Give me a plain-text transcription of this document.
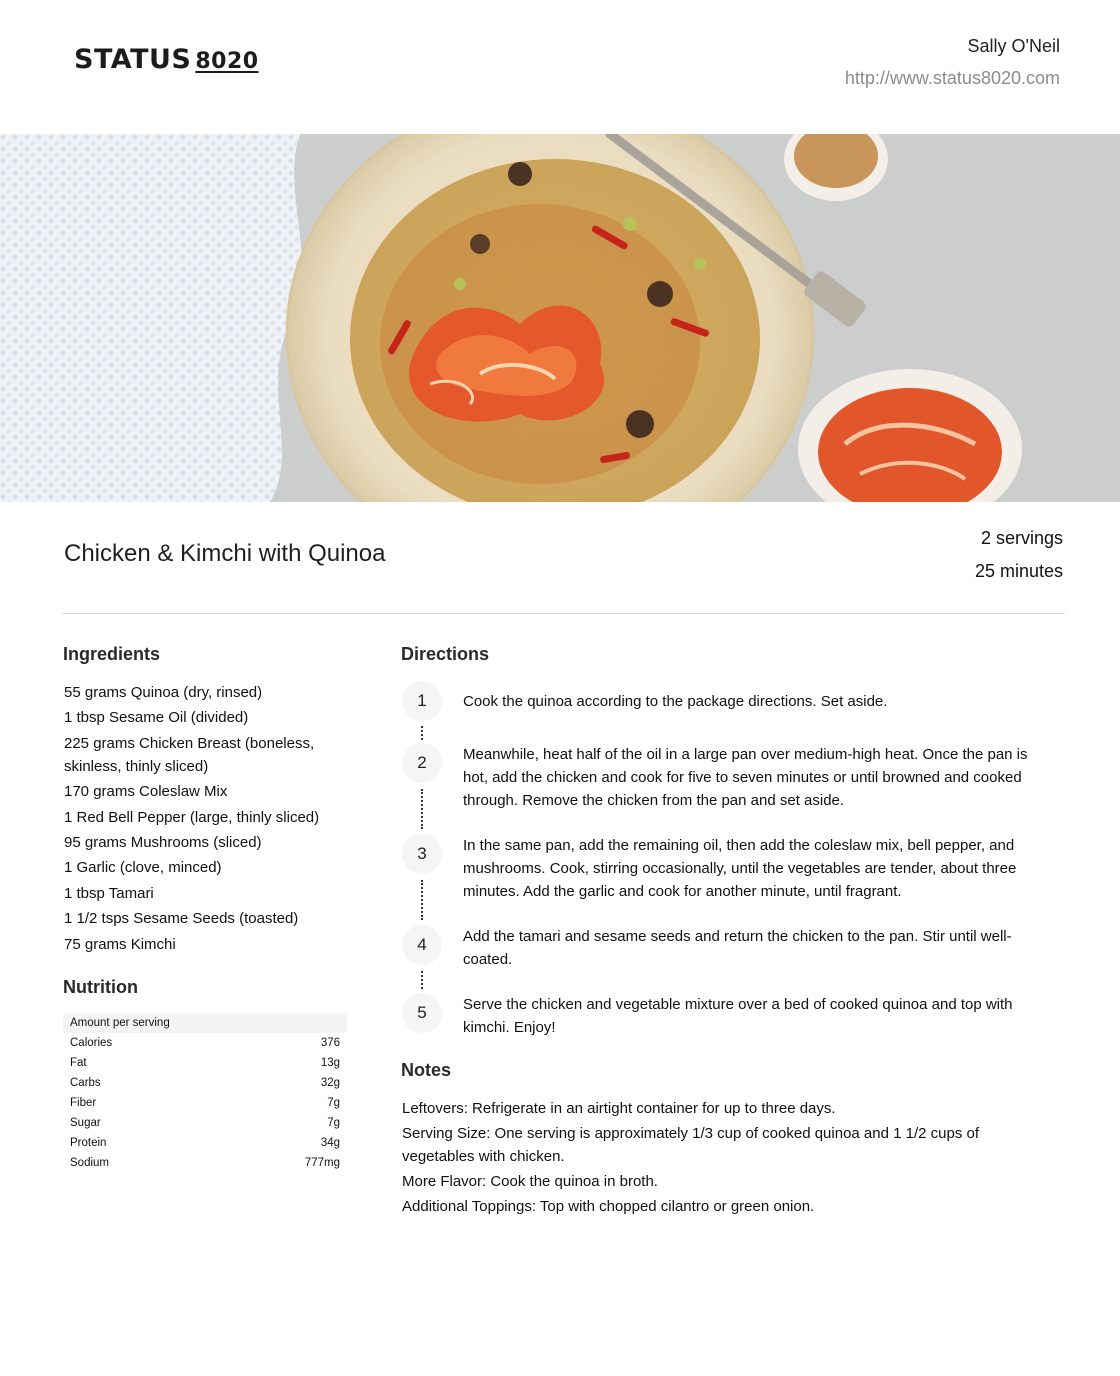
STATUS 8020
Sally O'Neil
http://www.status8020.com
Chicken & Kimchi with Quinoa
2 servings
25 minutes
Ingredients
55 grams Quinoa (dry, rinsed)
1 tbsp Sesame Oil (divided)
225 grams Chicken Breast (boneless, skinless, thinly sliced)
170 grams Coleslaw Mix
1 Red Bell Pepper (large, thinly sliced)
95 grams Mushrooms (sliced)
1 Garlic (clove, minced)
1 tbsp Tamari
1 1/2 tsps Sesame Seeds (toasted)
75 grams Kimchi
Nutrition
Amount per serving
Calories	376
Fat	13g
Carbs	32g
Fiber	7g
Sugar	7g
Protein	34g
Sodium	777mg
Directions
1	Cook the quinoa according to the package directions. Set aside.
2	Meanwhile, heat half of the oil in a large pan over medium-high heat. Once the pan is hot, add the chicken and cook for five to seven minutes or until browned and cooked through. Remove the chicken from the pan and set aside.
3	In the same pan, add the remaining oil, then add the coleslaw mix, bell pepper, and mushrooms. Cook, stirring occasionally, until the vegetables are tender, about three minutes. Add the garlic and cook for another minute, until fragrant.
4	Add the tamari and sesame seeds and return the chicken to the pan. Stir until well-coated.
5	Serve the chicken and vegetable mixture over a bed of cooked quinoa and top with kimchi. Enjoy!
Notes
Leftovers: Refrigerate in an airtight container for up to three days.
Serving Size: One serving is approximately 1/3 cup of cooked quinoa and 1 1/2 cups of vegetables with chicken.
More Flavor: Cook the quinoa in broth.
Additional Toppings: Top with chopped cilantro or green onion.
